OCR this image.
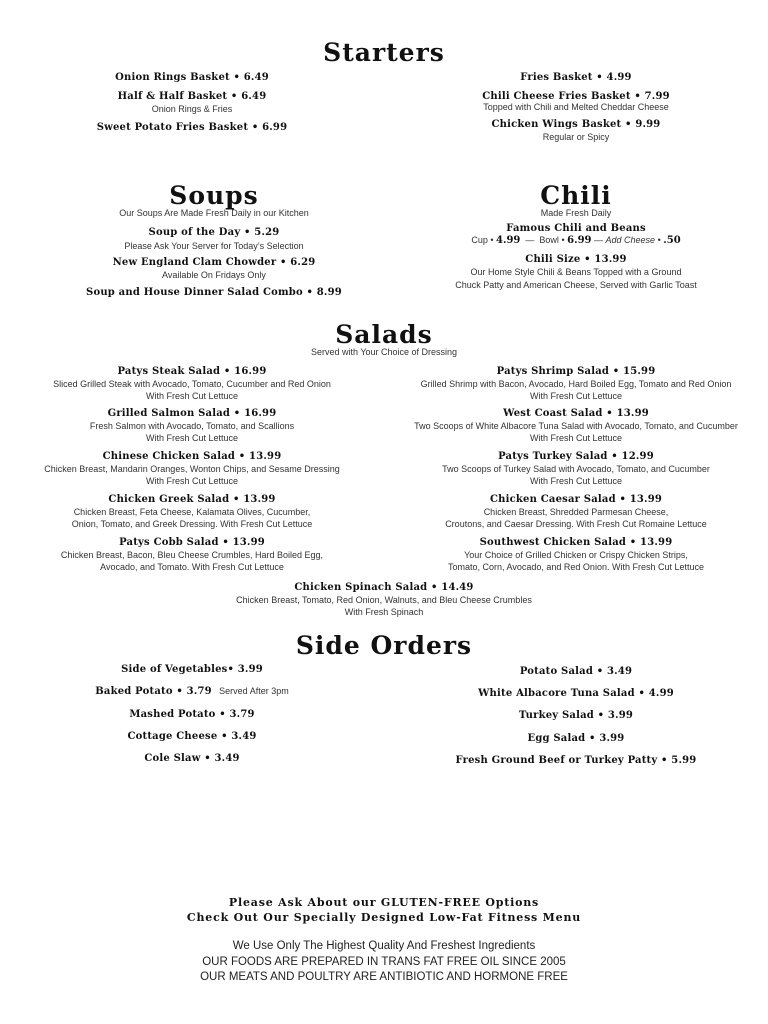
Starters
Onion Rings Basket • 6.49
Half & Half Basket • 6.49
Onion Rings & Fries
Sweet Potato Fries Basket • 6.99
Fries Basket • 4.99
Chili Cheese Fries Basket • 7.99
Topped with Chili and Melted Cheddar Cheese
Chicken Wings Basket • 9.99
Regular or Spicy
Soups
Our Soups Are Made Fresh Daily in our Kitchen
Soup of the Day • 5.29
Please Ask Your Server for Today’s Selection
New England Clam Chowder • 6.29
Available On Fridays Only
Soup and House Dinner Salad Combo • 8.99
Chili
Made Fresh Daily
Famous Chili and Beans
Cup • 4.99 — Bowl • 6.99 — Add Cheese • .50
Chili Size • 13.99
Our Home Style Chili & Beans Topped with a Ground
Chuck Patty and American Cheese, Served with Garlic Toast
Salads
Served with Your Choice of Dressing
Patys Steak Salad • 16.99
Sliced Grilled Steak with Avocado, Tomato, Cucumber and Red Onion
With Fresh Cut Lettuce
Grilled Salmon Salad • 16.99
Fresh Salmon with Avocado, Tomato, and Scallions
With Fresh Cut Lettuce
Chinese Chicken Salad • 13.99
Chicken Breast, Mandarin Oranges, Wonton Chips, and Sesame Dressing
With Fresh Cut Lettuce
Chicken Greek Salad • 13.99
Chicken Breast, Feta Cheese, Kalamata Olives, Cucumber,
Onion, Tomato, and Greek Dressing. With Fresh Cut Lettuce
Patys Cobb Salad • 13.99
Chicken Breast, Bacon, Bleu Cheese Crumbles, Hard Boiled Egg,
Avocado, and Tomato. With Fresh Cut Lettuce
Patys Shrimp Salad • 15.99
Grilled Shrimp with Bacon, Avocado, Hard Boiled Egg, Tomato and Red Onion
With Fresh Cut Lettuce
West Coast Salad • 13.99
Two Scoops of White Albacore Tuna Salad with Avocado, Tomato, and Cucumber
With Fresh Cut Lettuce
Patys Turkey Salad • 12.99
Two Scoops of Turkey Salad with Avocado, Tomato, and Cucumber
With Fresh Cut Lettuce
Chicken Caesar Salad • 13.99
Chicken Breast, Shredded Parmesan Cheese,
Croutons, and Caesar Dressing. With Fresh Cut Romaine Lettuce
Southwest Chicken Salad • 13.99
Your Choice of Grilled Chicken or Crispy Chicken Strips,
Tomato, Corn, Avocado, and Red Onion. With Fresh Cut Lettuce
Chicken Spinach Salad • 14.49
Chicken Breast, Tomato, Red Onion, Walnuts, and Bleu Cheese Crumbles
With Fresh Spinach
Side Orders
Side of Vegetables• 3.99
Baked Potato • 3.79 Served After 3pm
Mashed Potato • 3.79
Cottage Cheese • 3.49
Cole Slaw • 3.49
Potato Salad • 3.49
White Albacore Tuna Salad • 4.99
Turkey Salad • 3.99
Egg Salad • 3.99
Fresh Ground Beef or Turkey Patty • 5.99
Please Ask About our GLUTEN-FREE Options
Check Out Our Specially Designed Low-Fat Fitness Menu
We Use Only The Highest Quality And Freshest Ingredients
OUR FOODS ARE PREPARED IN TRANS FAT FREE OIL SINCE 2005
OUR MEATS AND POULTRY ARE ANTIBIOTIC AND HORMONE FREE
